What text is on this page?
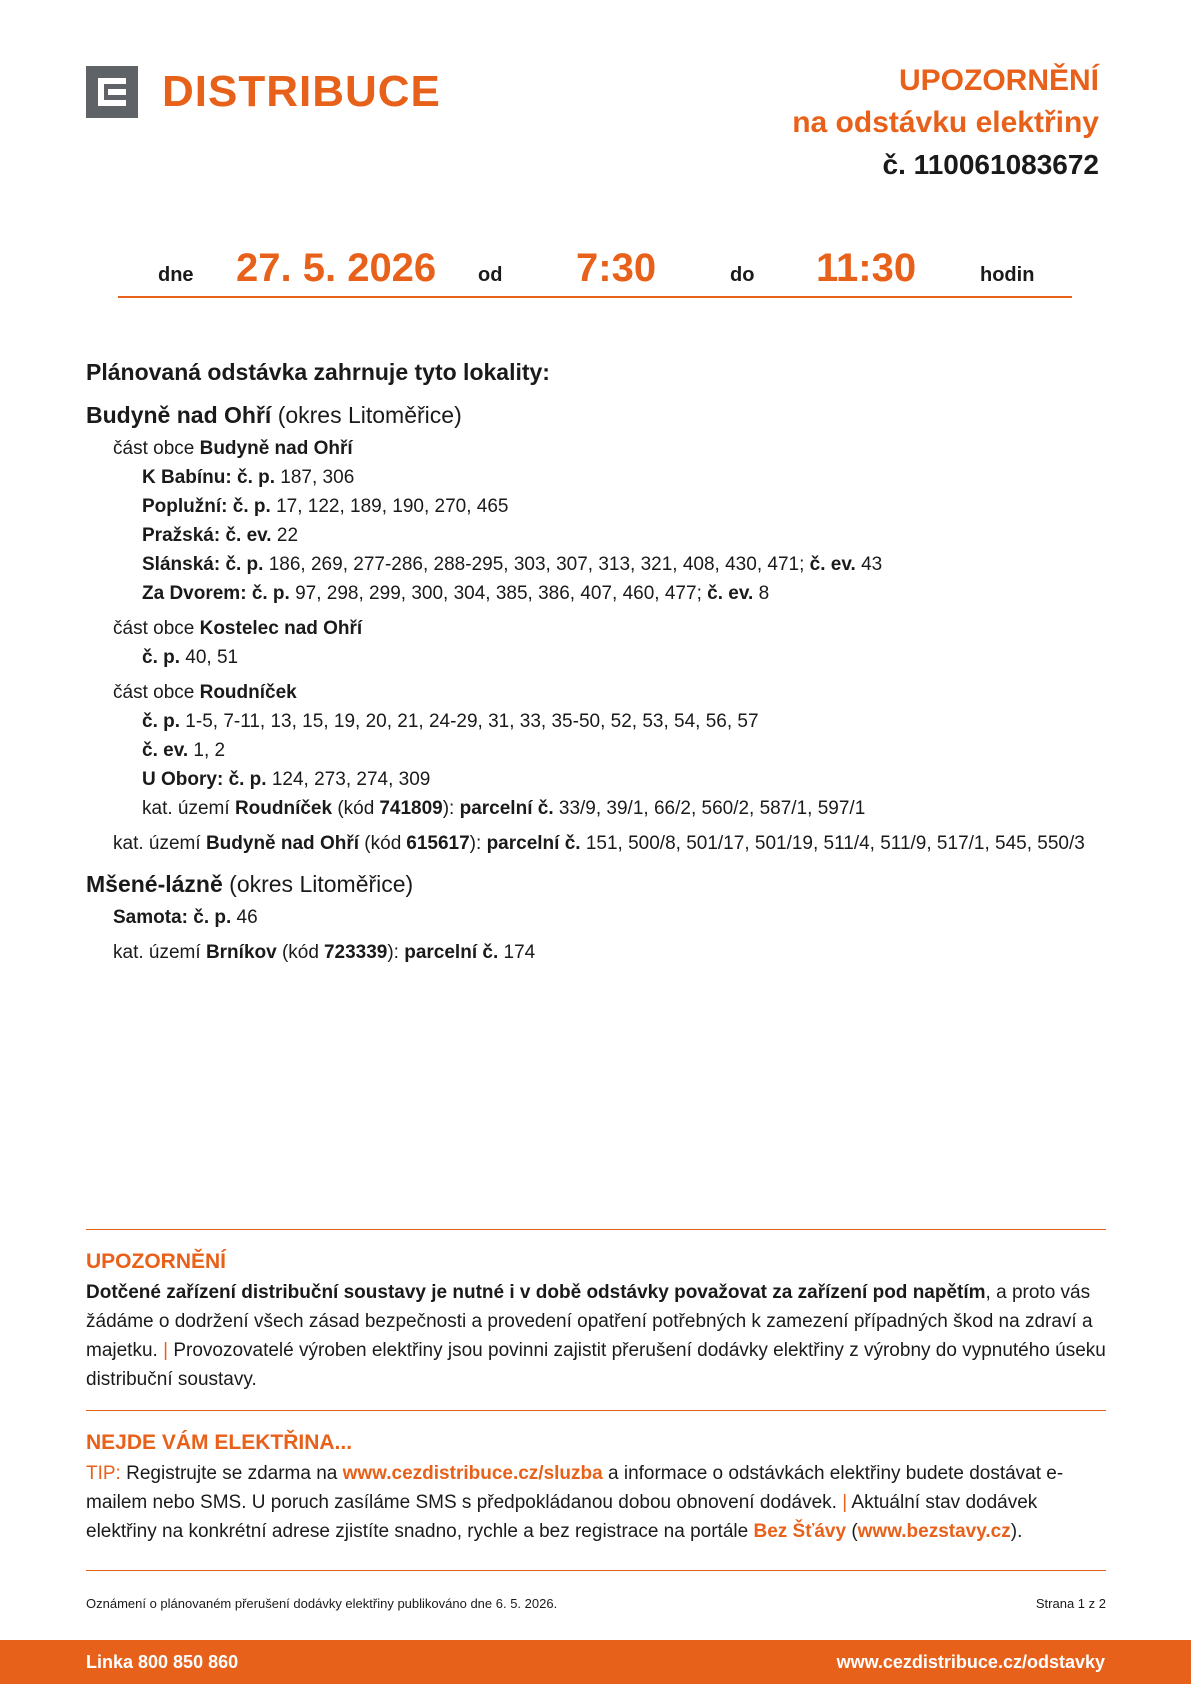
DISTRIBUCE	UPOZORNĚNÍ
na odstávku elektřiny
č. 110061083672
dne 27. 5. 2026 od 7:30	do 11:30	hodin
Plánovaná odstávka zahrnuje tyto lokality:
Budyně nad Ohří (okres Litoměřice)
část obce Budyně nad Ohří
K Babínu: č. p. 187, 306
Poplužní: č. p. 17, 122, 189, 190, 270, 465
Pražská: č. ev. 22
Slánská: č. p. 186, 269, 277-286, 288-295, 303, 307, 313, 321, 408, 430, 471; č. ev. 43
Za Dvorem: č. p. 97, 298, 299, 300, 304, 385, 386, 407, 460, 477; č. ev. 8
část obce Kostelec nad Ohří
č. p. 40, 51
část obce Roudníček
č. p. 1-5, 7-11, 13, 15, 19, 20, 21, 24-29, 31, 33, 35-50, 52, 53, 54, 56, 57
č. ev. 1, 2
U Obory: č. p. 124, 273, 274, 309
kat. území Roudníček (kód 741809): parcelní č. 33/9, 39/1, 66/2, 560/2, 587/1, 597/1
kat. území Budyně nad Ohří (kód 615617): parcelní č. 151, 500/8, 501/17, 501/19, 511/4, 511/9, 517/1, 545, 550/3
Mšené-lázně (okres Litoměřice)
Samota: č. p. 46
kat. území Brníkov (kód 723339): parcelní č. 174
UPOZORNĚNÍ
Dotčené zařízení distribuční soustavy je nutné i v době odstávky považovat za zařízení pod napětím, a proto vás žádáme o dodržení všech zásad bezpečnosti a provedení opatření potřebných k zamezení případných škod na zdraví a majetku. | Provozovatelé výroben elektřiny jsou povinni zajistit přerušení dodávky elektřiny z výrobny do vypnutého úseku distribuční soustavy.
NEJDE VÁM ELEKTŘINA...
TIP: Registrujte se zdarma na www.cezdistribuce.cz/sluzba a informace o odstávkách elektřiny budete dostávat e-mailem nebo SMS. U poruch zasíláme SMS s předpokládanou dobou obnovení dodávek. | Aktuální stav dodávek elektřiny na konkrétní adrese zjistíte snadno, rychle a bez registrace na portále Bez Šťávy (www.bezstavy.cz).
Oznámení o plánovaném přerušení dodávky elektřiny publikováno dne 6. 5. 2026.	Strana 1 z 2
Linka 800 850 860	www.cezdistribuce.cz/odstavky
